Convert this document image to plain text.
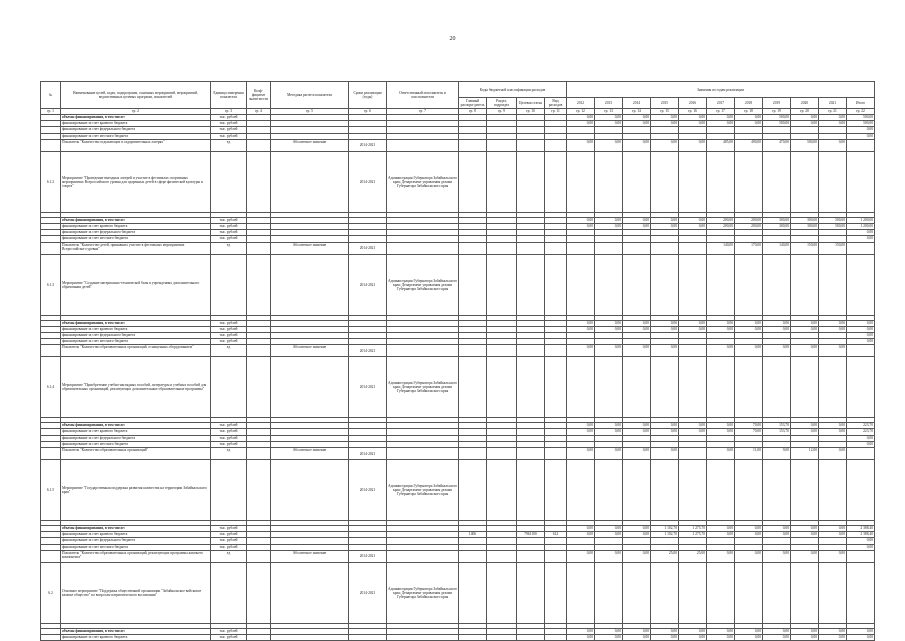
20
№	Наименование целей, задач, подпрограмм, основных мероприятий, мероприятий, ведомственных целевых программ, показателей	Единица измерения показателя	Коэф-фициент значи-мости	Методика расчета показателя	Сроки реализации (годы)	Ответственный исполнитель и соисполнители	Коды бюджетной классификации расходов				Значения по годам реализации										
							Главный распоря-дитель	Раздел, подраздел	Целевая статья	Вид расходов	2012	2013	2014	2015	2016	2017	2018	2019	2020	2021	Итого
гр. 1	гр. 2	гр. 3	гр. 4	гр. 5	гр. 6	гр. 7	гр. 8	гр. 9	гр. 10	гр. 11	гр. 12	гр. 13	гр. 14	гр. 15	гр. 16	гр. 17	гр. 18	гр. 19	гр. 20	гр. 21	гр. 22
	объемы финансирования, в том числе:	тыс. рублей									0,00	0,00	0,00	0,00	0,00	0,00	0,00	500,00	0,00	0,00	500,00
	финансирование за счет краевого бюджета	тыс. рублей									0,00	0,00	0,00	0,00	0,00	0,00	0,00	500,00	0,00	0,00	500,00
	финансирование за счет федерального бюджета	тыс. рублей																			0,00
	финансирование за счет местного бюджета	тыс. рублей																			0,00
	Показатель "Количество отдыхающих в оздоровительных лагерях"	ед		Абсолютное значение	2014-2021						0,00	0,00	0,00	0,00	0,00	485,00	490,00	470,00	500,00	0,00	
6.1.2	Мероприятие "Проведение выездных лагерей и участие в фестивалях спортивных мероприятиях Всероссийского уровня для одаренных детей в сфере физической культуры и спорта"				2014-2021	Администрация Губернатора Забайкальского края; Департамент управления делами Губернатора Забайкальского края															

	объемы финансирования, в том числе:	тыс. рублей									0,00	0,00	0,00	0,00	0,00	200,00	200,00	300,00	300,00	500,00	1 200,00
	финансирование за счет краевого бюджета	тыс. рублей									0,00	0,00	0,00	0,00	0,00	200,00	200,00	300,00	300,00	500,00	1 200,00
	финансирование за счет федерального бюджета	тыс. рублей																			0,00
	финансирование за счет местного бюджета	тыс. рублей																			0,00
	Показатель "Количество детей, принявших участие в фестивалях мероприятиях Всероссийского уровня"	ед		Абсолютное значение	2014-2021											140,00	170,00	140,00	150,00	150,00	
6.1.3	Мероприятие "Создание материально-технической базы в учреждениях дополнительного образования детей"				2014-2021	Администрация Губернатора Забайкальского края; Департамент управления делами Губернатора Забайкальского края															

	объемы финансирования, в том числе:	тыс. рублей									0,00	0,00	0,00	0,00	0,00	0,00	0,00	0,00	0,00	0,00	0,00
	финансирование за счет краевого бюджета	тыс. рублей									0,00	0,00	0,00	0,00	0,00	0,00	0,00	0,00	0,00	0,00	0,00
	финансирование за счет федерального бюджета	тыс. рублей																			0,00
	финансирование за счет местного бюджета	тыс. рублей																			0,00
	Показатель "Количество образовательных организаций, оснащенных оборудованием"	ед		Абсолютное значение	2014-2021						0,00	0,00	0,00	0,00		0,00	0,00	0,00	0,00	0,00	
6.1.4	Мероприятие "Приобретение учебно-наглядных пособий, литературы и учебных пособий для образовательных организаций, реализующих дополнительные образовательные программы"				2014-2021	Администрация Губернатора Забайкальского края; Департамент управления делами Губернатора Забайкальского края															

	объемы финансирования, в том числе:	тыс. рублей									0,00	0,00	0,00	0,00	0,00	0,00	70,00	153,70	0,00	0,00	223,70
	финансирование за счет краевого бюджета	тыс. рублей									0,00	0,00	0,00	0,00	0,00	0,00	70,00	153,70	0,00	0,00	223,70
	финансирование за счет федерального бюджета	тыс. рублей																			0,00
	финансирование за счет местного бюджета	тыс. рублей																			0,00
	Показатель "Количество образовательных организаций"	ед		Абсолютное значение	2014-2021						0,00	0,00	0,00	0,00		0,00	11,00	9,00	12,00	0,00	
6.1.5	Мероприятие "Государственная поддержка развития казачества на территории Забайкальского края"				2014-2021	Администрация Губернатора Забайкальского края; Департамент управления делами Губернатора Забайкальского края															

	объемы финансирования, в том числе:	тыс. рублей									0,00	0,00	0,00	1 102,70	1 275,70	0,00	0,00	0,00	0,00	0,00	2 388,40
	финансирование за счет краевого бюджета	тыс. рублей					1406		7961100	612	0,00	0,00	0,00	1 102,70	1 275,70	0,00	0,00	0,00	0,00	0,00	2 388,40
	финансирование за счет федерального бюджета	тыс. рублей																			0,00
	финансирование за счет местного бюджета	тыс. рублей																			0,00
	Показатель "Количество образовательных организаций, реализующих программы казачьего компонента"	ед		Абсолютное значение	2014-2021						0,00	0,00	0,00	25,00	25,00	0,00	0,00	0,00	0,00	0,00	
6.2	Основное мероприятие "Поддержка общественной организации "Забайкальское войсковое казачье общество" по вопросам патриотического воспитания"				2014-2021	Администрация Губернатора Забайкальского края; Департамент управления делами Губернатора Забайкальского края															

	объемы финансирования, в том числе:	тыс. рублей									0,00	0,00	0,00	0,00	0,00	0,00	0,00	0,00	0,00	0,00	0,00
	финансирование за счет краевого бюджета	тыс. рублей									0,00	0,00	0,00	0,00	0,00	0,00	0,00	0,00	0,00	0,00	0,00
